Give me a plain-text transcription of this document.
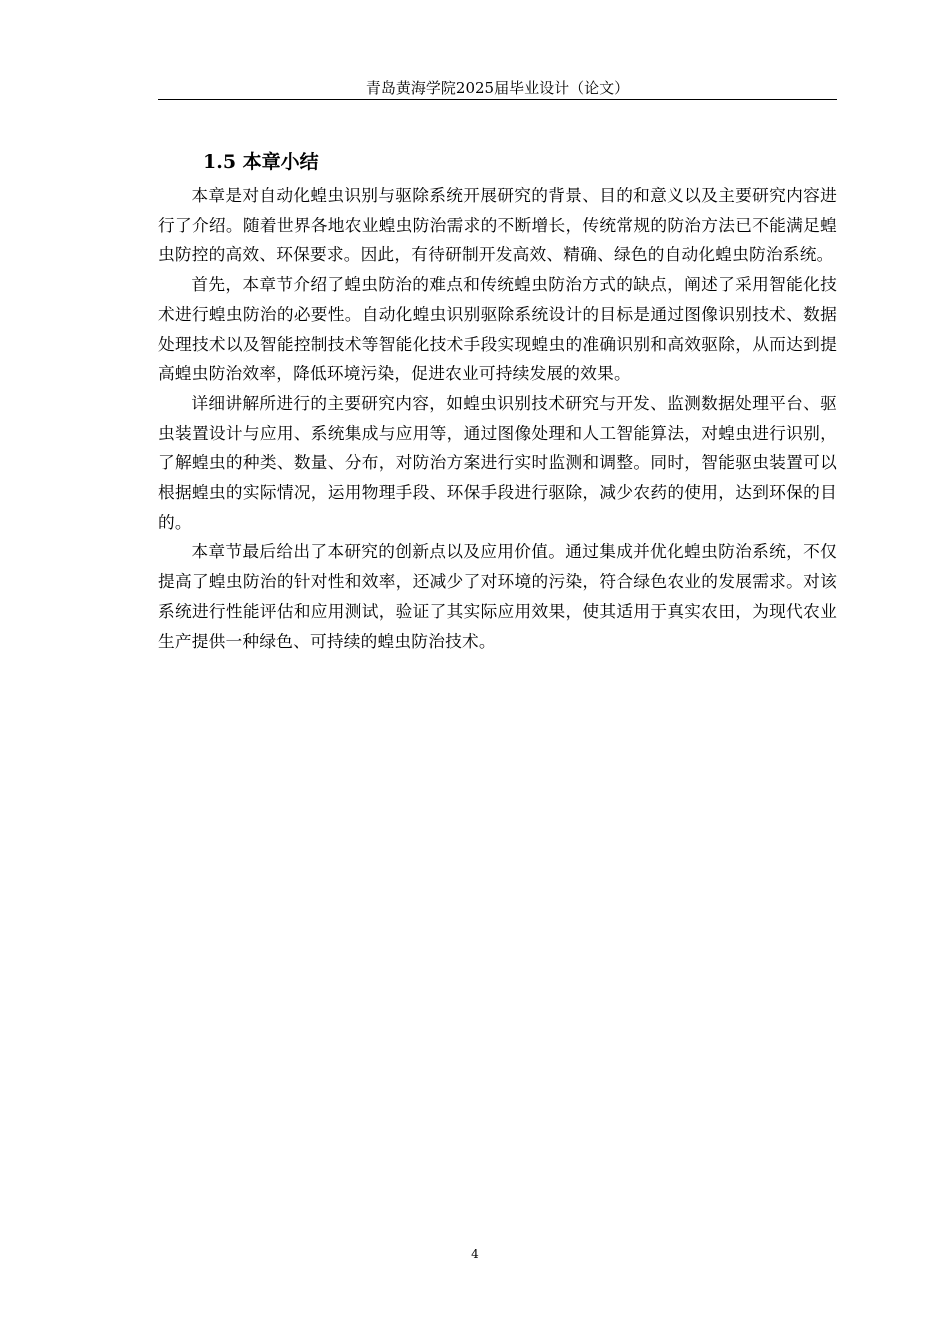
青岛黄海学院2025届毕业设计（论文）
1.5 本章小结

本章是对自动化蝗虫识别与驱除系统开展研究的背景、目的和意义以及主要研究内容进行了介绍。随着世界各地农业蝗虫防治需求的不断增长，传统常规的防治方法已不能满足蝗虫防控的高效、环保要求。因此，有待研制开发高效、精确、绿色的自动化蝗虫防治系统。

首先，本章节介绍了蝗虫防治的难点和传统蝗虫防治方式的缺点，阐述了采用智能化技术进行蝗虫防治的必要性。自动化蝗虫识别驱除系统设计的目标是通过图像识别技术、数据处理技术以及智能控制技术等智能化技术手段实现蝗虫的准确识别和高效驱除，从而达到提高蝗虫防治效率，降低环境污染，促进农业可持续发展的效果。

详细讲解所进行的主要研究内容，如蝗虫识别技术研究与开发、监测数据处理平台、驱虫装置设计与应用、系统集成与应用等，通过图像处理和人工智能算法，对蝗虫进行识别，了解蝗虫的种类、数量、分布，对防治方案进行实时监测和调整。同时，智能驱虫装置可以根据蝗虫的实际情况，运用物理手段、环保手段进行驱除，减少农药的使用，达到环保的目的。

本章节最后给出了本研究的创新点以及应用价值。通过集成并优化蝗虫防治系统，不仅提高了蝗虫防治的针对性和效率，还减少了对环境的污染，符合绿色农业的发展需求。对该系统进行性能评估和应用测试，验证了其实际应用效果，使其适用于真实农田，为现代农业生产提供一种绿色、可持续的蝗虫防治技术。

4
